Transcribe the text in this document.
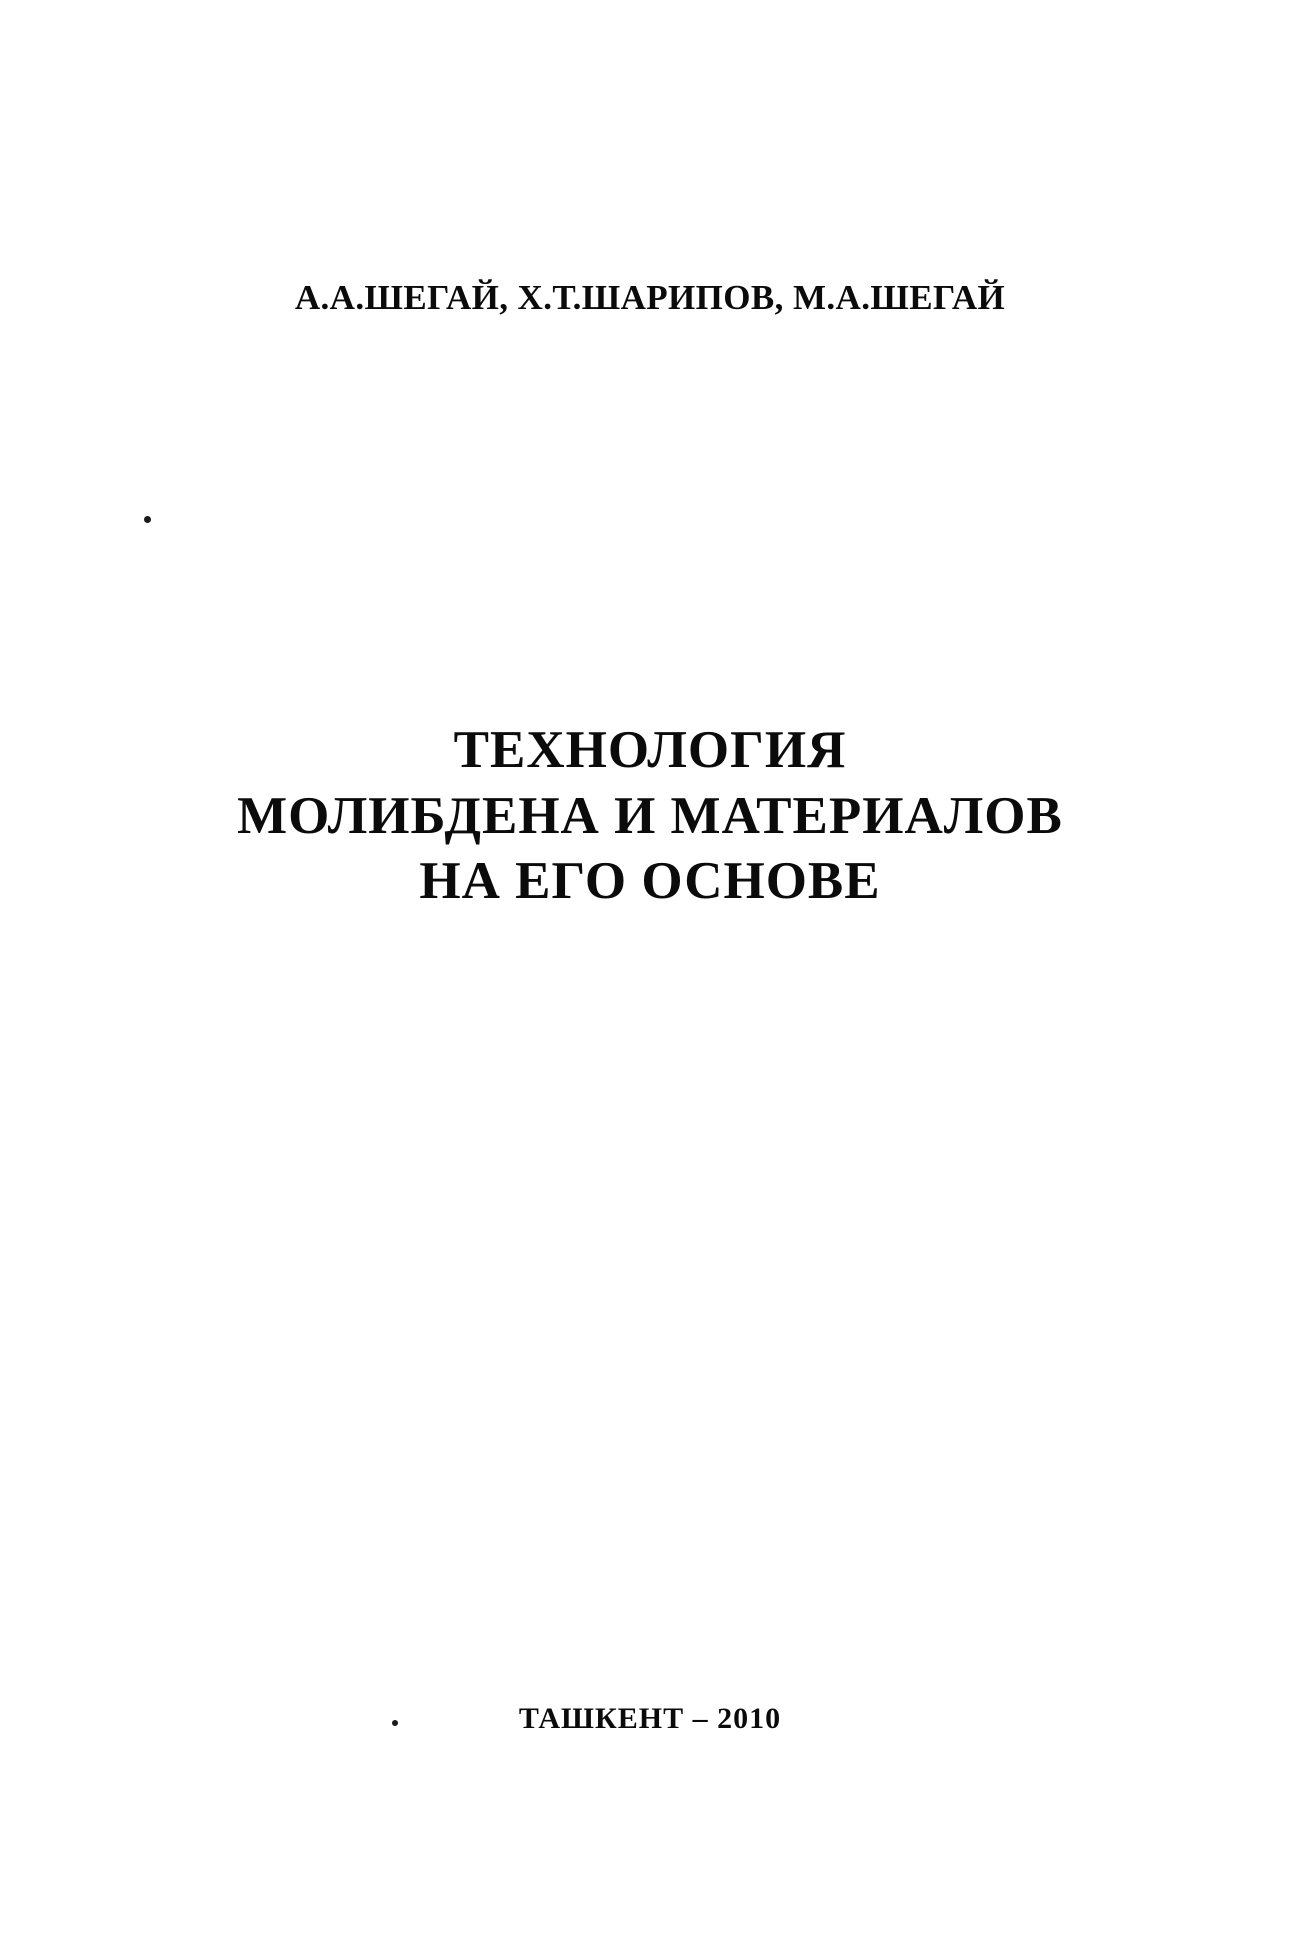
А.А.ШЕГАЙ, Х.Т.ШАРИПОВ, М.А.ШЕГАЙ
ТЕХНОЛОГИЯ
МОЛИБДЕНА И МАТЕРИАЛОВ
НА ЕГО ОСНОВЕ
ТАШКЕНТ – 2010
